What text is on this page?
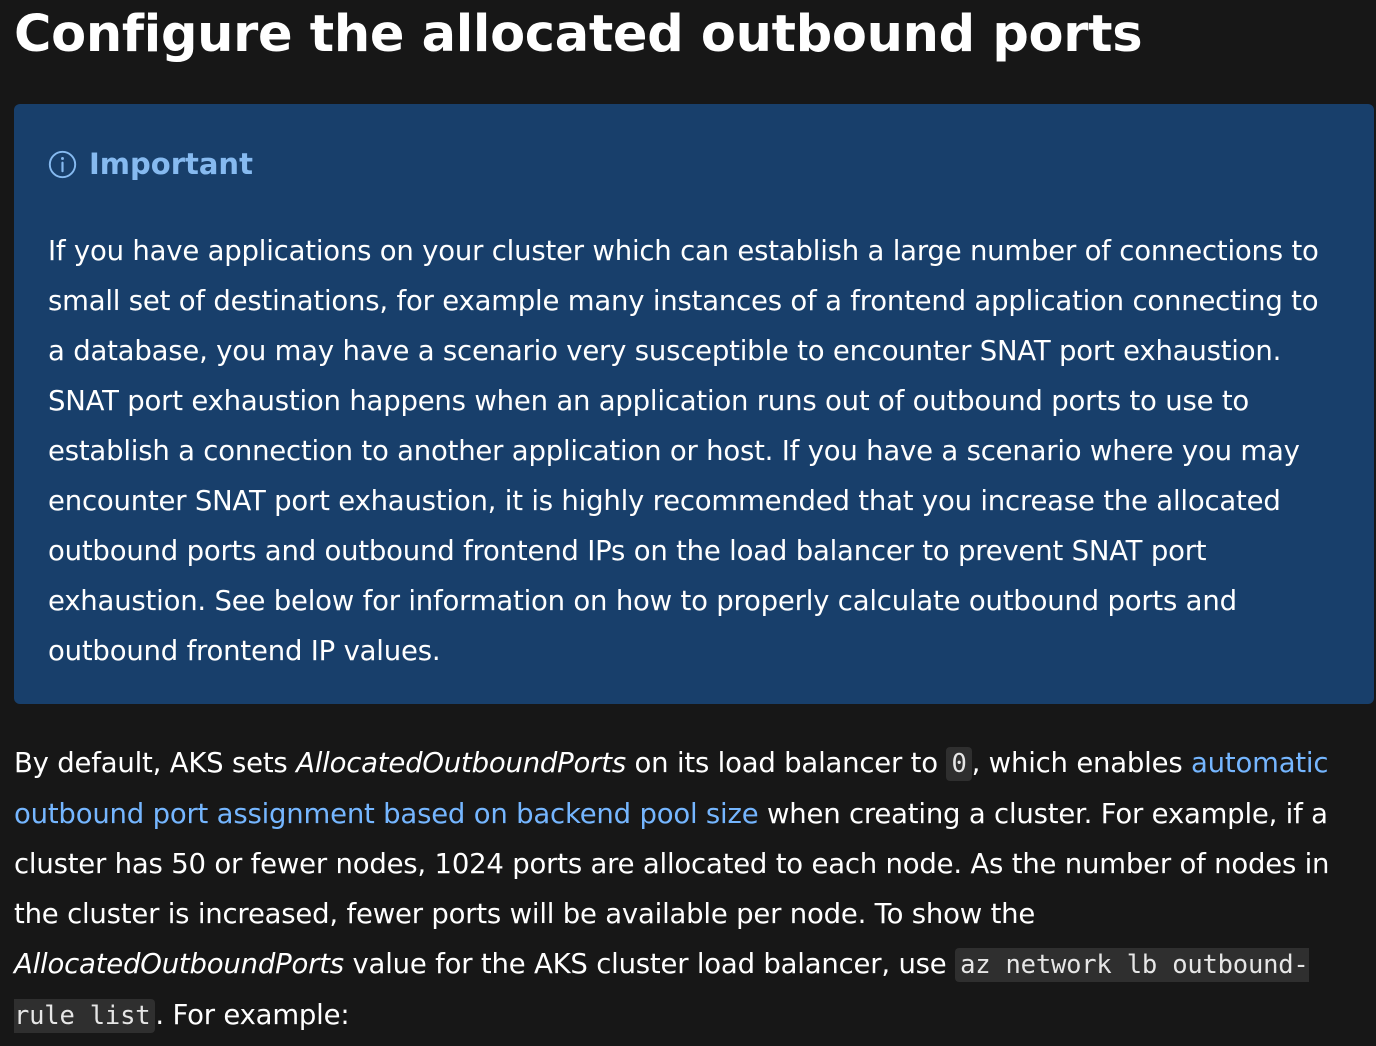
Configure the allocated outbound ports
Important

If you have applications on your cluster which can establish a large number of connections to small set of destinations, for example many instances of a frontend application connecting to a database, you may have a scenario very susceptible to encounter SNAT port exhaustion. SNAT port exhaustion happens when an application runs out of outbound ports to use to establish a connection to another application or host. If you have a scenario where you may encounter SNAT port exhaustion, it is highly recommended that you increase the allocated outbound ports and outbound frontend IPs on the load balancer to prevent SNAT port exhaustion. See below for information on how to properly calculate outbound ports and outbound frontend IP values.

By default, AKS sets AllocatedOutboundPorts on its load balancer to 0 , which enables automatic outbound port assignment based on backend pool size when creating a cluster. For example, if a cluster has 50 or fewer nodes, 1024 ports are allocated to each node. As the number of nodes in the cluster is increased, fewer ports will be available per node. To show the AllocatedOutboundPorts value for the AKS cluster load balancer, use az network lb outbound-rule list . For example:
